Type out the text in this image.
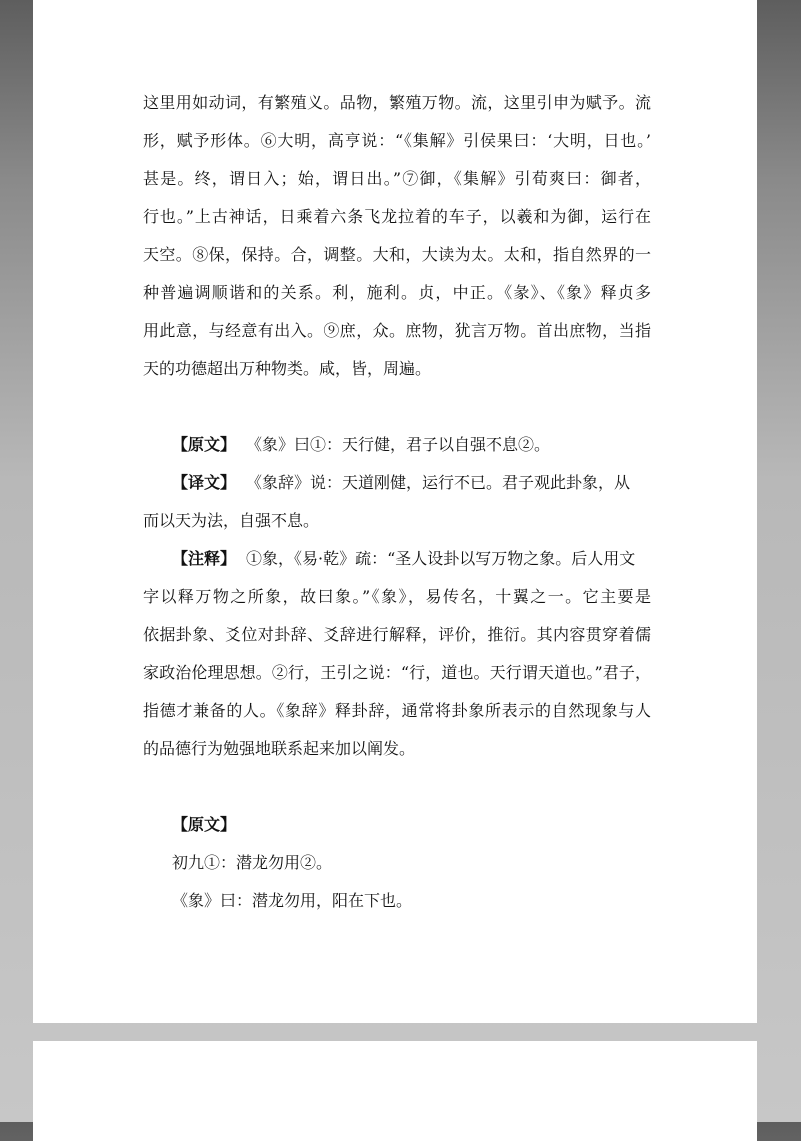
这里用如动词，有繁殖义。品物，繁殖万物。流，这里引申为赋予。流

形，赋予形体。⑥大明，高亨说：“《集解》引侯果曰：‘大明，日也。’

甚是。终，谓日入；始，谓日出。”⑦御，《集解》引荀爽曰：御者，

行也。”上古神话，日乘着六条飞龙拉着的车子，以羲和为御，运行在

天空。⑧保，保持。合，调整。大和，大读为太。太和，指自然界的一

种普遍调顺谐和的关系。利，施利。贞，中正。《彖》、《象》释贞多

用此意，与经意有出入。⑨庶，众。庶物，犹言万物。首出庶物，当指

天的功德超出万种物类。咸，皆，周遍。

【原文】 《象》曰①：天行健，君子以自强不息②。

【译文】 《象辞》说：天道刚健，运行不已。君子观此卦象，从

而以天为法，自强不息。

【注释】 ①象，《易·乾》疏：“圣人设卦以写万物之象。后人用文

字以释万物之所象，故曰象。”《象》，易传名，十翼之一。它主要是

依据卦象、爻位对卦辞、爻辞进行解释，评价，推衍。其内容贯穿着儒

家政治伦理思想。②行，王引之说：“行，道也。天行谓天道也。”君子，

指德才兼备的人。《象辞》释卦辞，通常将卦象所表示的自然现象与人

的品德行为勉强地联系起来加以阐发。

【原文】

初九①：潜龙勿用②。

《象》曰：潜龙勿用，阳在下也。
